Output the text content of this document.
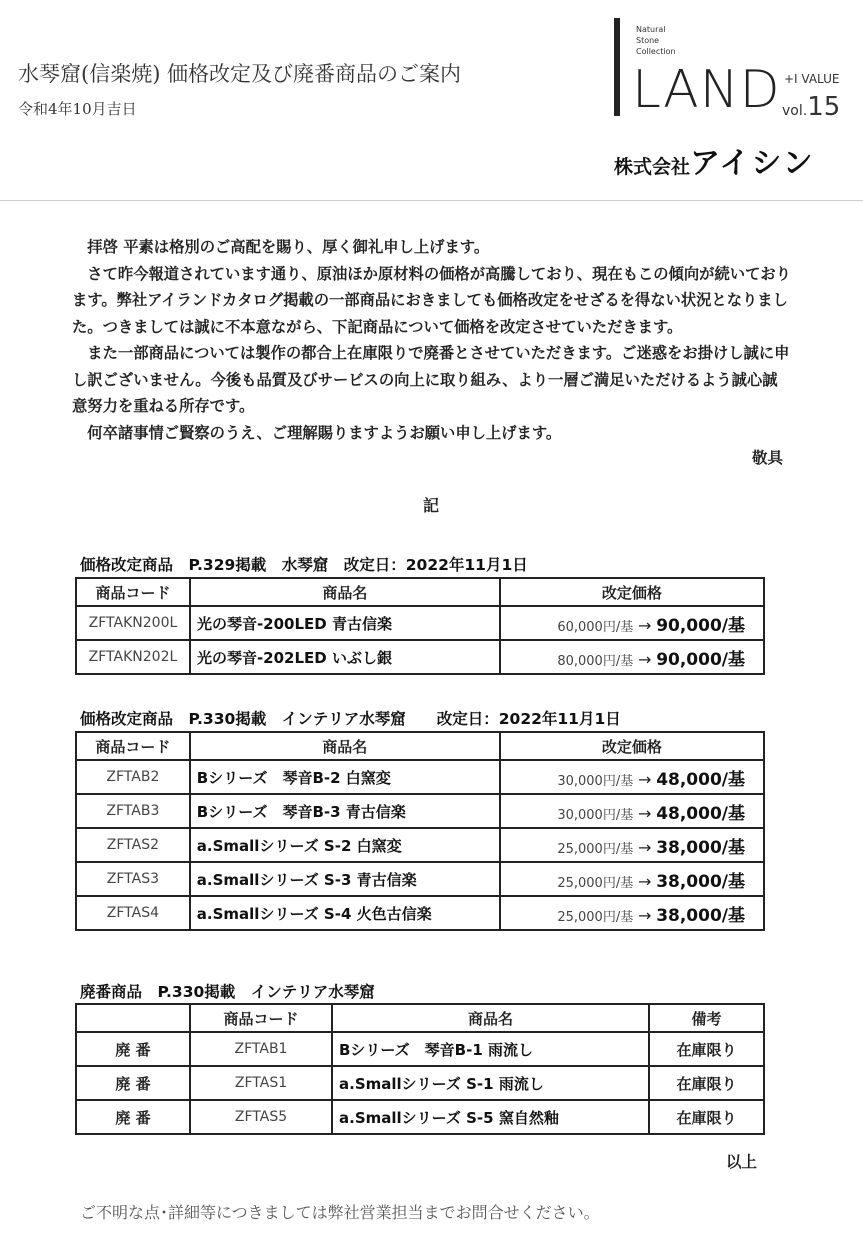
水琴窟(信楽焼) 価格改定及び廃番商品のご案内
令和4年10月吉日
Natural
Stone
Collection
LAND +I VALUE
vol.15
株式会社アイシン

　拝啓 平素は格別のご高配を賜り、厚く御礼申し上げます。

　さて昨今報道されています通り、原油ほか原材料の価格が高騰しており、現在もこの傾向が続いております。弊社アイランドカタログ掲載の一部商品におきましても価格改定をせざるを得ない状況となりました。つきましては誠に不本意ながら、下記商品について価格を改定させていただきます。

　また一部商品については製作の都合上在庫限りで廃番とさせていただきます。ご迷惑をお掛けし誠に申し訳ございません。今後も品質及びサービスの向上に取り組み、より一層ご満足いただけるよう誠心誠意努力を重ねる所存です。

　何卒諸事情ご賢察のうえ、ご理解賜りますようお願い申し上げます。

敬具
記
価格改定商品　P.329掲載　水琴窟　改定日：2022年11月1日
商品コード	商品名	改定価格
ZFTAKN200L	光の琴音-200LED 青古信楽	60,000円/基 → 90,000/基
ZFTAKN202L	光の琴音-202LED いぶし銀	80,000円/基 → 90,000/基
価格改定商品　P.330掲載　インテリア水琴窟　　改定日：2022年11月1日
商品コード	商品名	改定価格
ZFTAB2	Bシリーズ　琴音B-2 白窯変	30,000円/基 → 48,000/基
ZFTAB3	Bシリーズ　琴音B-3 青古信楽	30,000円/基 → 48,000/基
ZFTAS2	a.Smallシリーズ S-2 白窯変	25,000円/基 → 38,000/基
ZFTAS3	a.Smallシリーズ S-3 青古信楽	25,000円/基 → 38,000/基
ZFTAS4	a.Smallシリーズ S-4 火色古信楽	25,000円/基 → 38,000/基
廃番商品　P.330掲載　インテリア水琴窟
	商品コード	商品名	備考
廃 番	ZFTAB1	Bシリーズ　琴音B-1 雨流し	在庫限り
廃 番	ZFTAS1	a.Smallシリーズ S-1 雨流し	在庫限り
廃 番	ZFTAS5	a.Smallシリーズ S-5 窯自然釉	在庫限り
以上
ご不明な点･詳細等につきましては弊社営業担当までお問合せください。
